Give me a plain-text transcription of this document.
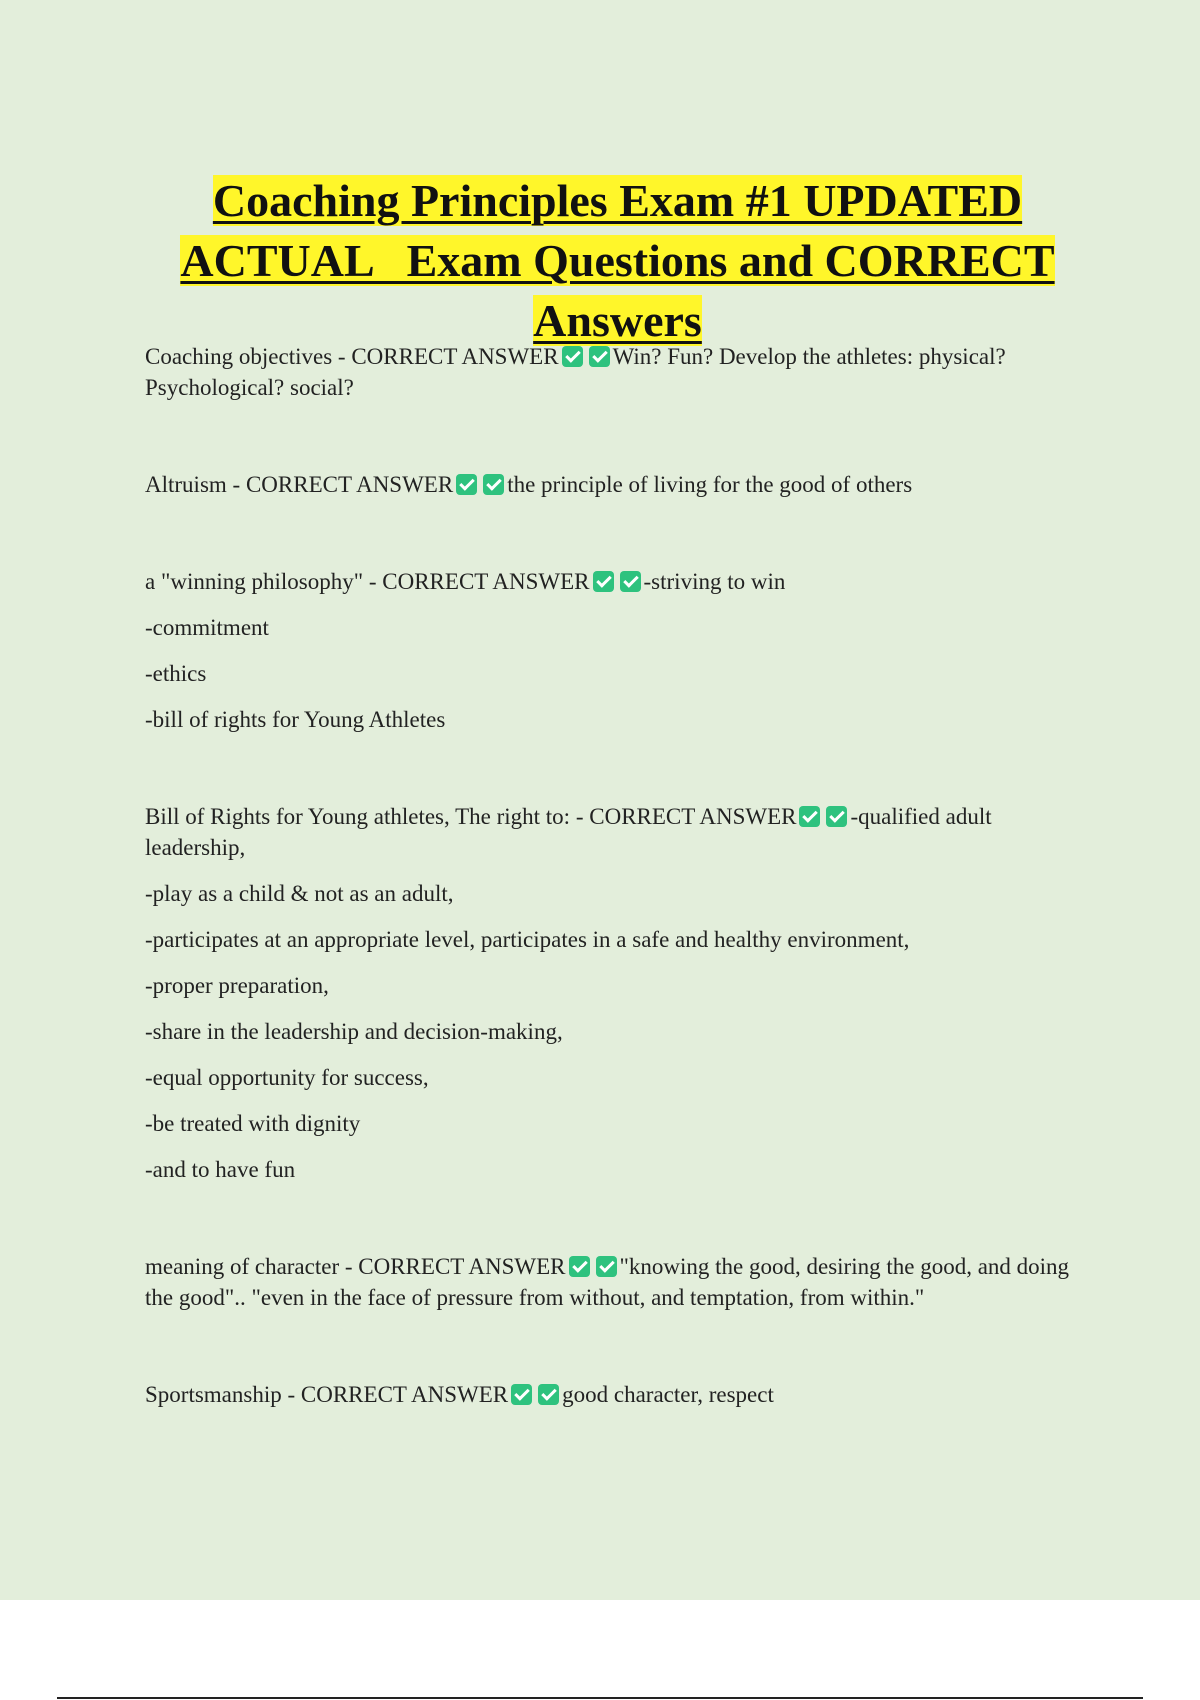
Coaching Principles Exam #1 UPDATED
ACTUAL   Exam Questions and CORRECT
Answers

Coaching objectives - CORRECT ANSWER Win? Fun? Develop the athletes: physical? Psychological? social?

Altruism - CORRECT ANSWER the principle of living for the good of others

a "winning philosophy" - CORRECT ANSWER -striving to win

-commitment

-ethics

-bill of rights for Young Athletes

Bill of Rights for Young athletes, The right to: - CORRECT ANSWER -qualified adult leadership,

-play as a child & not as an adult,

-participates at an appropriate level, participates in a safe and healthy environment,

-proper preparation,

-share in the leadership and decision-making,

-equal opportunity for success,

-be treated with dignity

-and to have fun

meaning of character - CORRECT ANSWER "knowing the good, desiring the good, and doing the good".. "even in the face of pressure from without, and temptation, from within."

Sportsmanship - CORRECT ANSWER good character, respect
